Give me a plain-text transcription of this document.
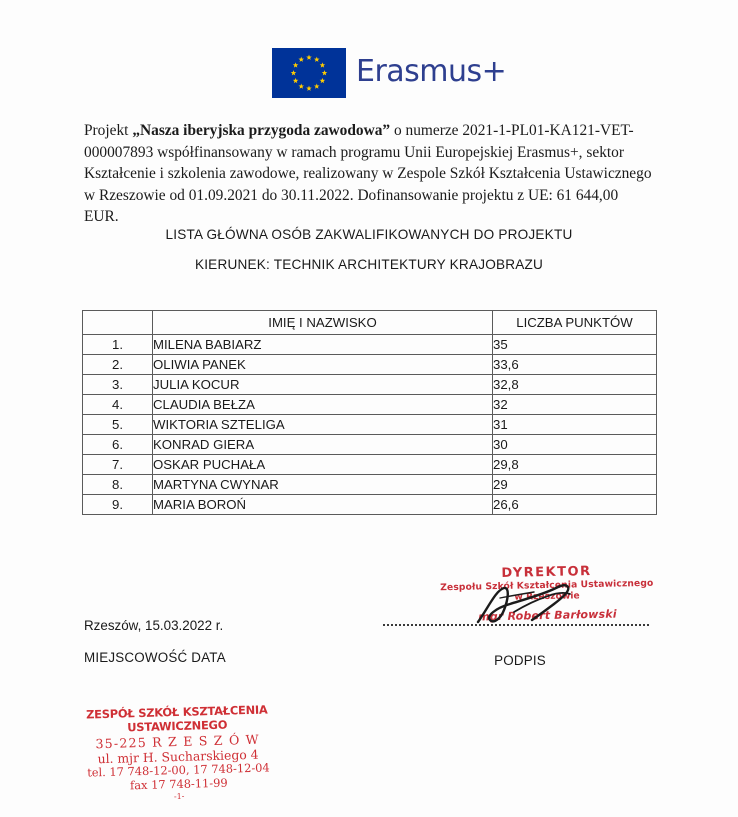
Erasmus+
Projekt „Nasza iberyjska przygoda zawodowa” o numerze 2021-1-PL01-KA121-VET-000007893 współfinansowany w ramach programu Unii Europejskiej Erasmus+, sektor Kształcenie i szkolenia zawodowe, realizowany w Zespole Szkół Kształcenia Ustawicznego w Rzeszowie od 01.09.2021 do 30.11.2022. Dofinansowanie projektu z UE: 61 644,00 EUR.
LISTA GŁÓWNA OSÓB ZAKWALIFIKOWANYCH DO PROJEKTU
KIERUNEK: TECHNIK ARCHITEKTURY KRAJOBRAZU
	IMIĘ I NAZWISKO	LICZBA PUNKTÓW
1.	MILENA BABIARZ	35
2.	OLIWIA PANEK	33,6
3.	JULIA KOCUR	32,8
4.	CLAUDIA BEŁZA	32
5.	WIKTORIA SZTELIGA	31
6.	KONRAD GIERA	30
7.	OSKAR PUCHAŁA	29,8
8.	MARTYNA CWYNAR	29
9.	MARIA BOROŃ	26,6
Rzeszów, 15.03.2022 r.
MIEJSCOWOŚĆ DATA	PODPIS
DYREKTOR
Zespołu Szkół Kształcenia Ustawicznego
w Rzeszowie
mgr Robert Barłowski
ZESPÓŁ SZKÓŁ KSZTAŁCENIA USTAWICZNEGO
35-225 R Z E S Z Ó W
ul. mjr H. Sucharskiego 4
tel. 17 748-12-00, 17 748-12-04
fax 17 748-11-99
-1-
